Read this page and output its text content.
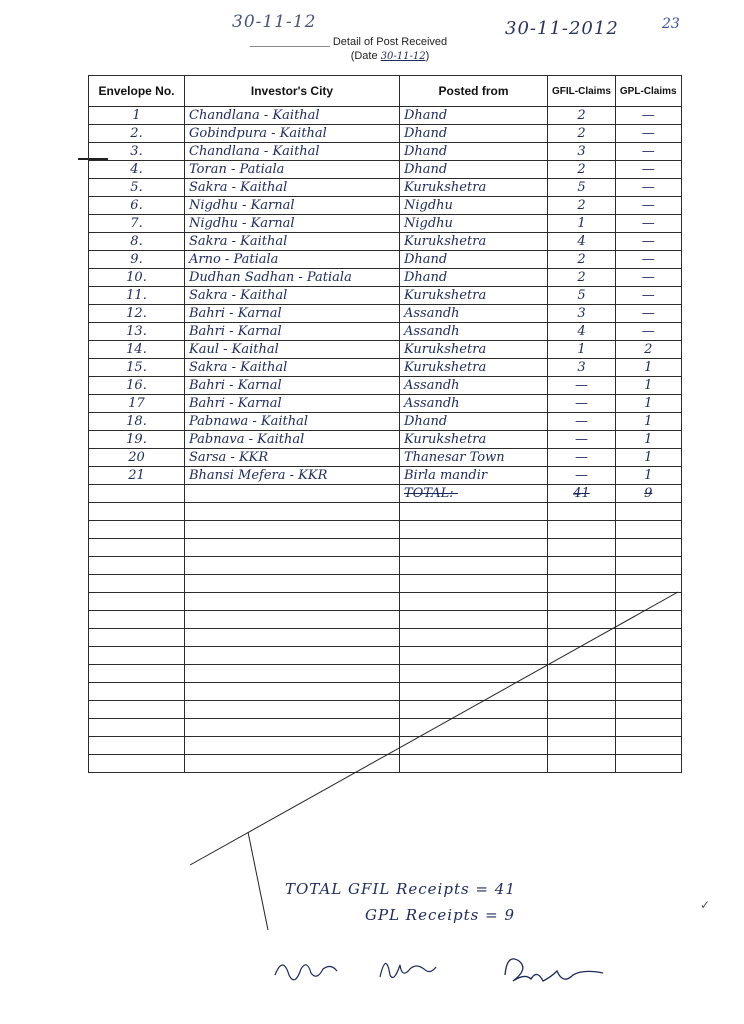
30-11-12	30-11-2012	23
Detail of Post Received
(Date 30-11-12)
Envelope No.	Investor's City	Posted from	GFIL-Claims	GPL-Claims
1	Chandlana - Kaithal	Dhand	2	—
2.	Gobindpura - Kaithal	Dhand	2	—
3.	Chandlana - Kaithal	Dhand	3	—
4.	Toran - Patiala	Dhand	2	—
5.	Sakra - Kaithal	Kurukshetra	5	—
6.	Nigdhu - Karnal	Nigdhu	2	—
7.	Nigdhu - Karnal	Nigdhu	1	—
8.	Sakra - Kaithal	Kurukshetra	4	—
9.	Arno - Patiala	Dhand	2	—
10.	Dudhan Sadhan - Patiala	Dhand	2	—
11.	Sakra - Kaithal	Kurukshetra	5	—
12.	Bahri - Karnal	Assandh	3	—
13.	Bahri - Karnal	Assandh	4	—
14.	Kaul - Kaithal	Kurukshetra	1	2
15.	Sakra - Kaithal	Kurukshetra	3	1
16.	Bahri - Karnal	Assandh	—	1
17	Bahri - Karnal	Assandh	—	1
18.	Pabnawa - Kaithal	Dhand	—	1
19.	Pabnava - Kaithal	Kurukshetra	—	1
20	Sarsa - KKR	Thanesar Town	—	1
21	Bhansi Mefera - KKR	Birla mandir	—	1
		TOTAL:-	41	9

TOTAL GFIL Receipts = 41
GPL Receipts = 9
✓
